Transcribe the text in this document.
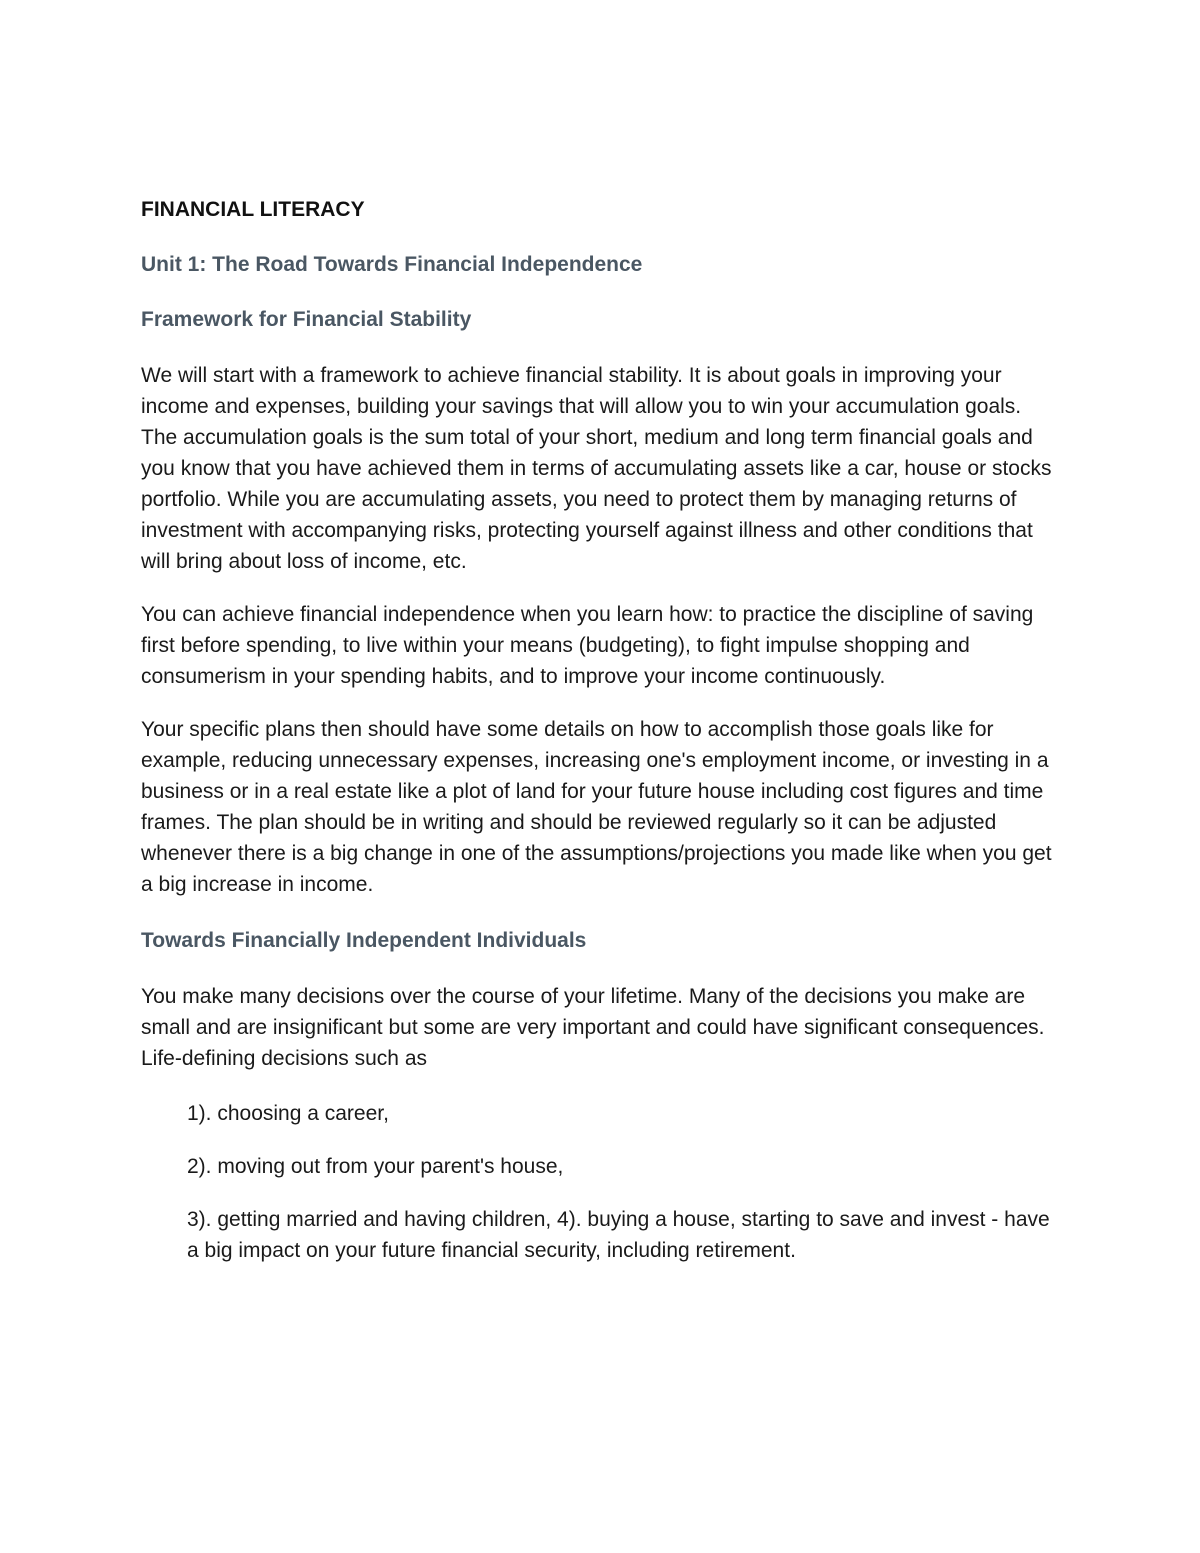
FINANCIAL LITERACY
Unit 1: The Road Towards Financial Independence
Framework for Financial Stability

We will start with a framework to achieve financial stability. It is about goals in improving your income and expenses, building your savings that will allow you to win your accumulation goals. The accumulation goals is the sum total of your short, medium and long term financial goals and you know that you have achieved them in terms of accumulating assets like a car, house or stocks portfolio. While you are accumulating assets, you need to protect them by managing returns of investment with accompanying risks, protecting yourself against illness and other conditions that will bring about loss of income, etc.

You can achieve financial independence when you learn how: to practice the discipline of saving first before spending, to live within your means (budgeting), to fight impulse shopping and consumerism in your spending habits, and to improve your income continuously.

Your specific plans then should have some details on how to accomplish those goals like for example, reducing unnecessary expenses, increasing one's employment income, or investing in a business or in a real estate like a plot of land for your future house including cost figures and time frames. The plan should be in writing and should be reviewed regularly so it can be adjusted whenever there is a big change in one of the assumptions/projections you made like when you get a big increase in income.

Towards Financially Independent Individuals

You make many decisions over the course of your lifetime. Many of the decisions you make are small and are insignificant but some are very important and could have significant consequences. Life-defining decisions such as

1). choosing a career,
2). moving out from your parent's house,
3). getting married and having children, 4). buying a house, starting to save and invest - have a big impact on your future financial security, including retirement.
